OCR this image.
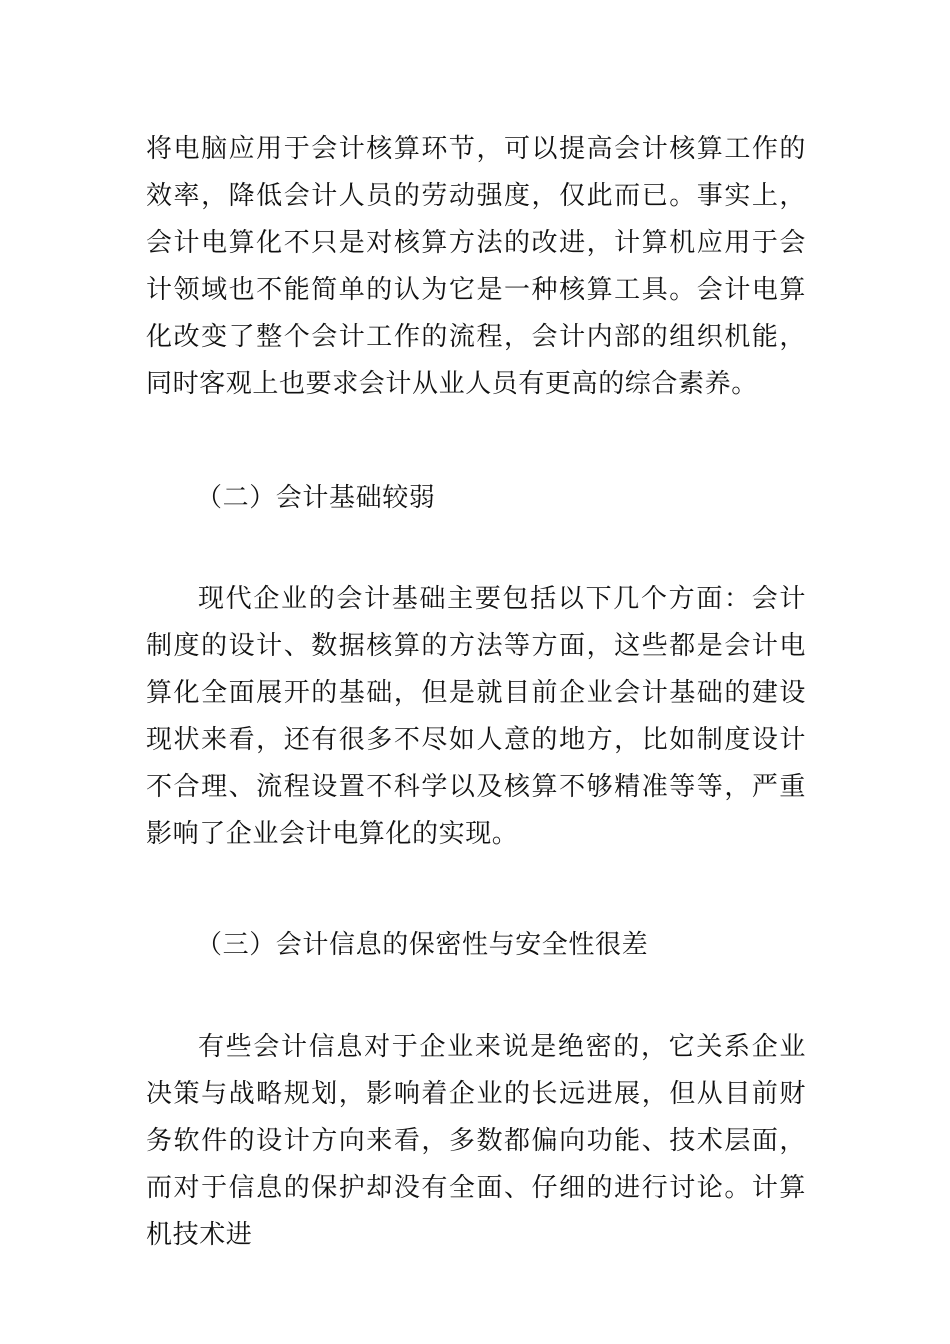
将电脑应用于会计核算环节，可以提高会计核算工作的效率，降低会计人员的劳动强度，仅此而已。事实上，会计电算化不只是对核算方法的改进，计算机应用于会计领域也不能简单的认为它是一种核算工具。会计电算化改变了整个会计工作的流程，会计内部的组织机能，同时客观上也要求会计从业人员有更高的综合素养。

（二）会计基础较弱

现代企业的会计基础主要包括以下几个方面：会计制度的设计、数据核算的方法等方面，这些都是会计电算化全面展开的基础，但是就目前企业会计基础的建设现状来看，还有很多不尽如人意的地方，比如制度设计不合理、流程设置不科学以及核算不够精准等等，严重影响了企业会计电算化的实现。

（三）会计信息的保密性与安全性很差

有些会计信息对于企业来说是绝密的，它关系企业决策与战略规划，影响着企业的长远进展，但从目前财务软件的设计方向来看，多数都偏向功能、技术层面，而对于信息的保护却没有全面、仔细的进行讨论。计算机技术进
